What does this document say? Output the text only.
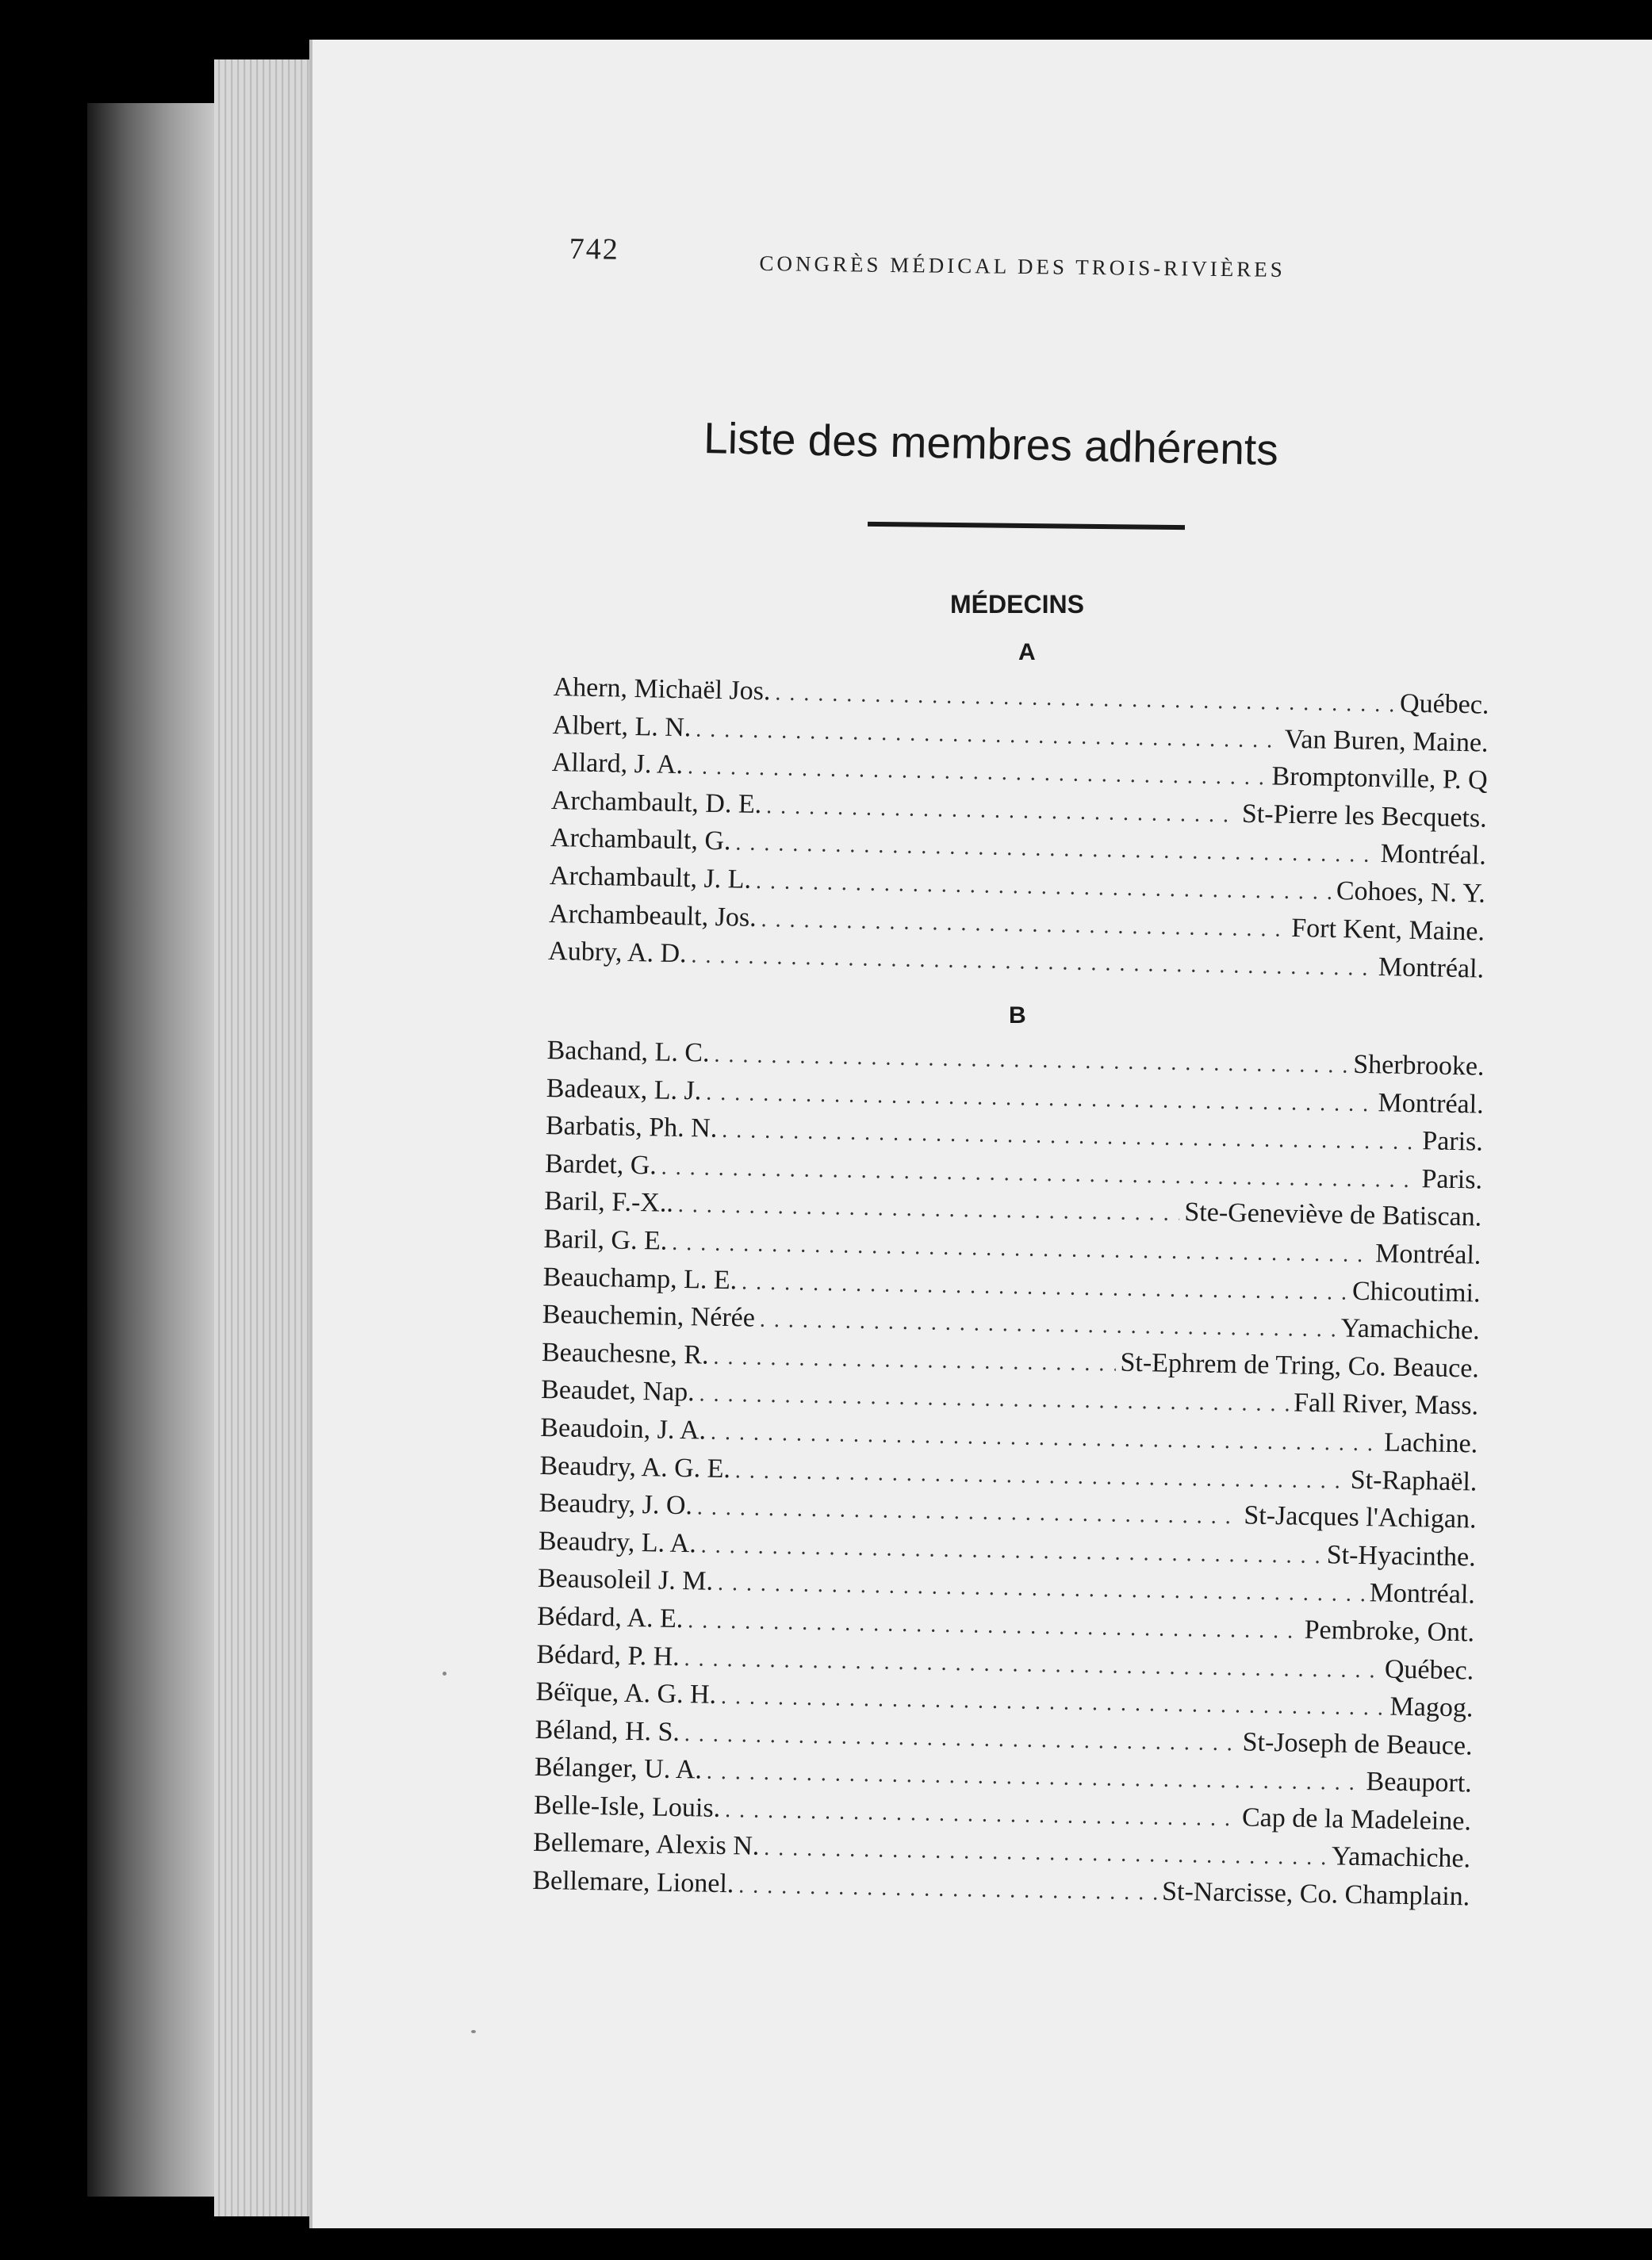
742
CONGRÈS MÉDICAL DES TROIS-RIVIÈRES
Liste des membres adhérents
MÉDECINS
A
Ahern, Michaël Jos. . . .	Québec.
Albert, L. N. . . .	Van Buren, Maine.
Allard, J. A. . . .	Bromptonville, P. Q
Archambault, D. E. . . .	St-Pierre les Becquets.
Archambault, G. . . .	Montréal.
Archambault, J. L. . . .	Cohoes, N. Y.
Archambeault, Jos. . . .	Fort Kent, Maine.
Aubry, A. D. . . .	Montréal.
B
Bachand, L. C. . . .	Sherbrooke.
Badeaux, L. J. . . .	Montréal.
Barbatis, Ph. N. . . .	Paris.
Bardet, G. . . .	Paris.
Baril, F.-X.. . . .	Ste-Geneviève de Batiscan.
Baril, G. E. . . .	Montréal.
Beauchamp, L. E. . . .	Chicoutimi.
Beauchemin, Nérée . . .	Yamachiche.
Beauchesne, R. . . .	St-Ephrem de Tring, Co. Beauce.
Beaudet, Nap. . . .	Fall River, Mass.
Beaudoin, J. A. . . .	Lachine.
Beaudry, A. G. E. . . .	St-Raphaël.
Beaudry, J. O. . . .	St-Jacques l'Achigan.
Beaudry, L. A. . . .	St-Hyacinthe.
Beausoleil J. M. . . .	Montréal.
Bédard, A. E. . . .	Pembroke, Ont.
Bédard, P. H. . . .	Québec.
Béïque, A. G. H. . . .	Magog.
Béland, H. S. . . .	St-Joseph de Beauce.
Bélanger, U. A. . . .	Beauport.
Belle-Isle, Louis. . . .	Cap de la Madeleine.
Bellemare, Alexis N. . . .	Yamachiche.
Bellemare, Lionel. . . .	St-Narcisse, Co. Champlain.
